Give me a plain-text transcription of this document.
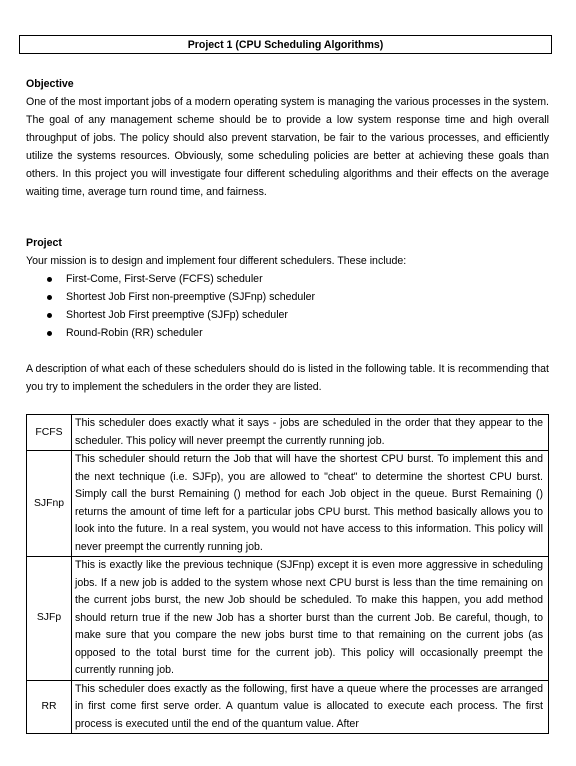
Project 1 (CPU Scheduling Algorithms)
Objective
One of the most important jobs of a modern operating system is managing the various processes in the system. The goal of any management scheme should be to provide a low system response time and high overall throughput of jobs. The policy should also prevent starvation, be fair to the various processes, and efficiently utilize the systems resources. Obviously, some scheduling policies are better at achieving these goals than others. In this project you will investigate four different scheduling algorithms and their effects on the average waiting time, average turn round time, and fairness.
Project
Your mission is to design and implement four different schedulers. These include:
First-Come, First-Serve (FCFS) scheduler
Shortest Job First non-preemptive (SJFnp) scheduler
Shortest Job First preemptive (SJFp) scheduler
Round-Robin (RR) scheduler
A description of what each of these schedulers should do is listed in the following table. It is recommending that you try to implement the schedulers in the order they are listed.
FCFS	This scheduler does exactly what it says - jobs are scheduled in the order that they appear to the scheduler. This policy will never preempt the currently running job.
SJFnp	This scheduler should return the Job that will have the shortest CPU burst. To implement this and the next technique (i.e. SJFp), you are allowed to "cheat" to determine the shortest CPU burst. Simply call the burst Remaining () method for each Job object in the queue. Burst Remaining () returns the amount of time left for a particular jobs CPU burst. This method basically allows you to look into the future. In a real system, you would not have access to this information. This policy will never preempt the currently running job.
SJFp	This is exactly like the previous technique (SJFnp) except it is even more aggressive in scheduling jobs. If a new job is added to the system whose next CPU burst is less than the time remaining on the current jobs burst, the new Job should be scheduled. To make this happen, you add method should return true if the new Job has a shorter burst than the current Job. Be careful, though, to make sure that you compare the new jobs burst time to that remaining on the current jobs (as opposed to the total burst time for the current job). This policy will occasionally preempt the currently running job.
RR	This scheduler does exactly as the following, first have a queue where the processes are arranged in first come first serve order. A quantum value is allocated to execute each process. The first process is executed until the end of the quantum value. After
